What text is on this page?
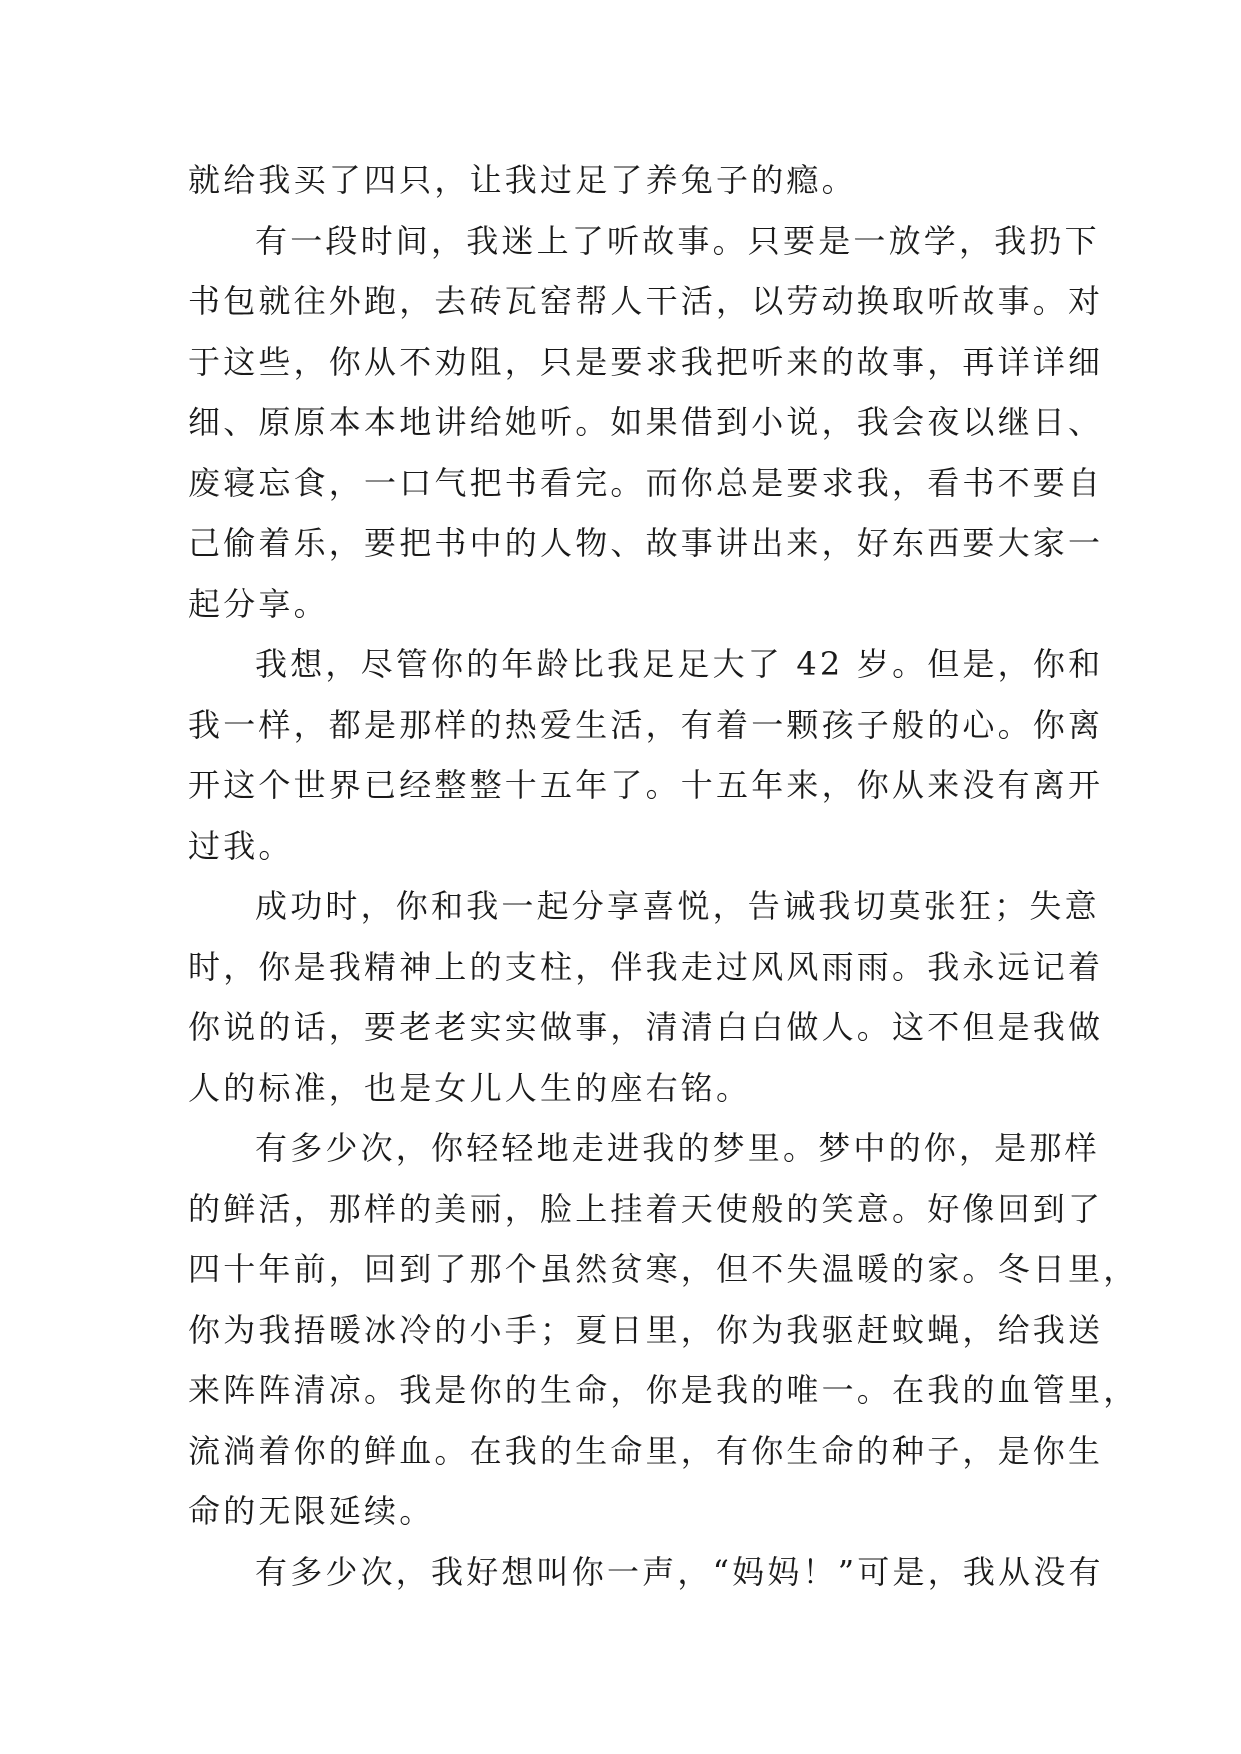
就给我买了四只，让我过足了养兔子的瘾。
有一段时间，我迷上了听故事。只要是一放学，我扔下
书包就往外跑，去砖瓦窑帮人干活，以劳动换取听故事。对
于这些，你从不劝阻，只是要求我把听来的故事，再详详细
细、原原本本地讲给她听。如果借到小说，我会夜以继日、
废寝忘食，一口气把书看完。而你总是要求我，看书不要自
己偷着乐，要把书中的人物、故事讲出来，好东西要大家一
起分享。
我想，尽管你的年龄比我足足大了 42 岁。但是，你和
我一样，都是那样的热爱生活，有着一颗孩子般的心。你离
开这个世界已经整整十五年了。十五年来，你从来没有离开
过我。
成功时，你和我一起分享喜悦，告诫我切莫张狂；失意
时，你是我精神上的支柱，伴我走过风风雨雨。我永远记着
你说的话，要老老实实做事，清清白白做人。这不但是我做
人的标准，也是女儿人生的座右铭。
有多少次，你轻轻地走进我的梦里。梦中的你，是那样
的鲜活，那样的美丽，脸上挂着天使般的笑意。好像回到了
四十年前，回到了那个虽然贫寒，但不失温暖的家。冬日里，
你为我捂暖冰冷的小手；夏日里，你为我驱赶蚊蝇，给我送
来阵阵清凉。我是你的生命，你是我的唯一。在我的血管里，
流淌着你的鲜血。在我的生命里，有你生命的种子，是你生
命的无限延续。
有多少次，我好想叫你一声，“妈妈！”可是，我从没有
